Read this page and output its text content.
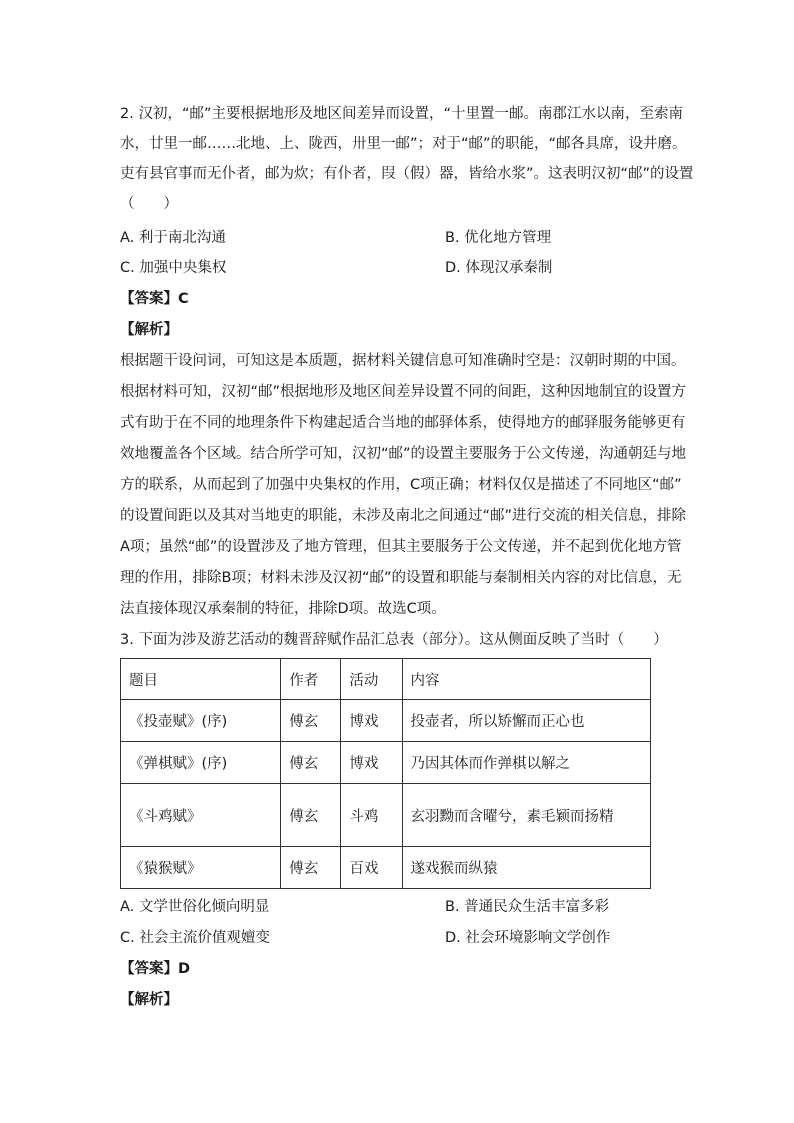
2. 汉初，“邮”主要根据地形及地区间差异而设置，“十里置一邮。南郡江水以南，至索南
水，廿里一邮……北地、上、陇西，卅里一邮”；对于“邮”的职能，“邮各具席，设井磨。
吏有县官事而无仆者，邮为炊；有仆者，叚（假）器，皆给水浆”。这表明汉初“邮”的设置
（　　）
A. 利于南北沟通	B. 优化地方管理
C. 加强中央集权	D. 体现汉承秦制
【答案】C
【解析】
根据题干设问词，可知这是本质题，据材料关键信息可知准确时空是：汉朝时期的中国。
根据材料可知，汉初“邮”根据地形及地区间差异设置不同的间距，这种因地制宜的设置方
式有助于在不同的地理条件下构建起适合当地的邮驿体系，使得地方的邮驿服务能够更有
效地覆盖各个区域。结合所学可知，汉初“邮”的设置主要服务于公文传递，沟通朝廷与地
方的联系，从而起到了加强中央集权的作用，C项正确；材料仅仅是描述了不同地区“邮”
的设置间距以及其对当地吏的职能，未涉及南北之间通过“邮”进行交流的相关信息，排除
A项；虽然“邮”的设置涉及了地方管理，但其主要服务于公文传递，并不起到优化地方管
理的作用，排除B项；材料未涉及汉初“邮”的设置和职能与秦制相关内容的对比信息，无
法直接体现汉承秦制的特征，排除D项。故选C项。
3. 下面为涉及游艺活动的魏晋辞赋作品汇总表（部分）。这从侧面反映了当时（　　）
题目	作者	活动	内容
《投壶赋》(序)	傅玄	博戏	投壶者，所以矫懈而正心也
《弹棋赋》(序)	傅玄	博戏	乃因其体而作弹棋以解之
《斗鸡赋》	傅玄	斗鸡	玄羽黝而含曜兮，素毛颖而扬精
《猿猴赋》	傅玄	百戏	遂戏猴而纵猿
A. 文学世俗化倾向明显	B. 普通民众生活丰富多彩
C. 社会主流价值观嬗变	D. 社会环境影响文学创作
【答案】D
【解析】
